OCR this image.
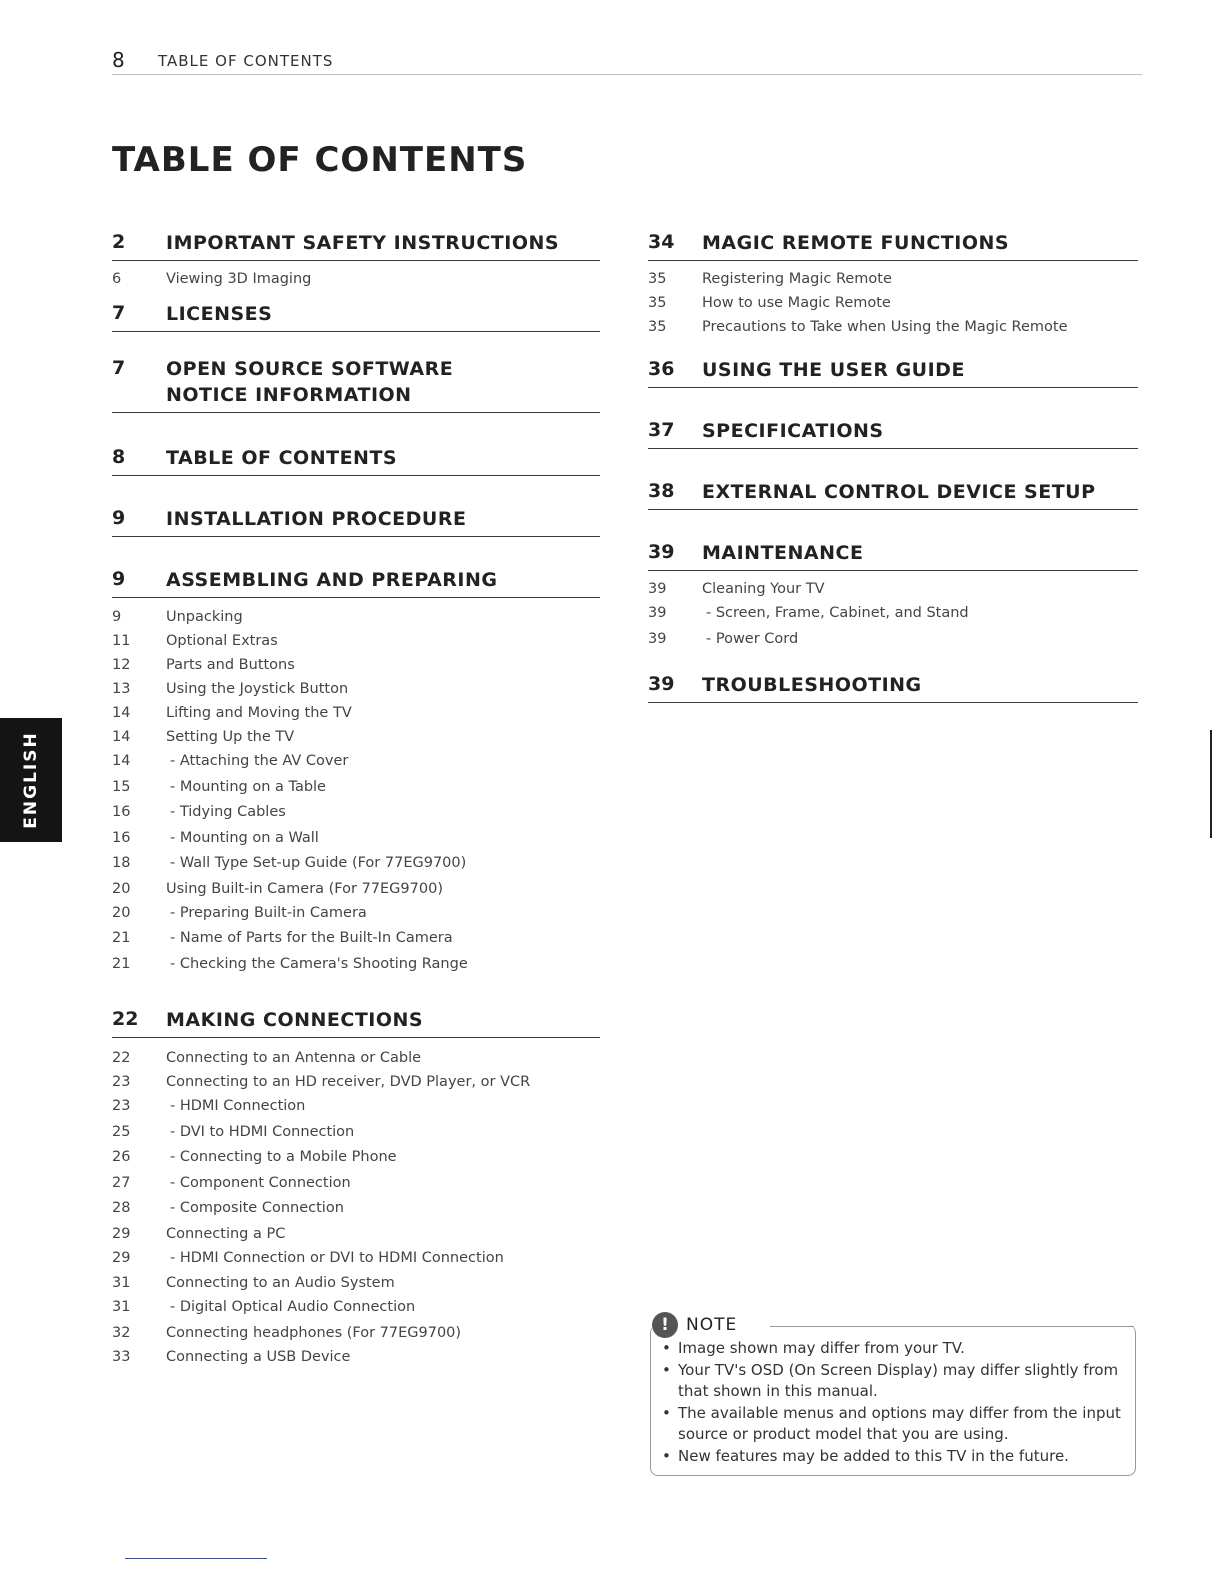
8 TABLE OF CONTENTS
TABLE OF CONTENTS
2	IMPORTANT SAFETY INSTRUCTIONS
6	Viewing 3D Imaging
7	LICENSES
7	OPEN SOURCE SOFTWARE NOTICE INFORMATION
8	TABLE OF CONTENTS
9	INSTALLATION PROCEDURE
9	ASSEMBLING AND PREPARING
9	Unpacking
11	Optional Extras
12	Parts and Buttons
13	Using the Joystick Button
14	Lifting and Moving the TV
14	Setting Up the TV
14	- Attaching the AV Cover
15	- Mounting on a Table
16	- Tidying Cables
16	- Mounting on a Wall
18	- Wall Type Set-up Guide (For 77EG9700)
20	Using Built-in Camera (For 77EG9700)
20	- Preparing Built-in Camera
21	- Name of Parts for the Built-In Camera
21	- Checking the Camera's Shooting Range
22	MAKING CONNECTIONS
22	Connecting to an Antenna or Cable
23	Connecting to an HD receiver, DVD Player, or VCR
23	- HDMI Connection
25	- DVI to HDMI Connection
26	- Connecting to a Mobile Phone
27	- Component Connection
28	- Composite Connection
29	Connecting a PC
29	- HDMI Connection or DVI to HDMI Connection
31	Connecting to an Audio System
31	- Digital Optical Audio Connection
32	Connecting headphones (For 77EG9700)
33	Connecting a USB Device
34	MAGIC REMOTE FUNCTIONS
35	Registering Magic Remote
35	How to use Magic Remote
35	Precautions to Take when Using the Magic Remote
36	USING THE USER GUIDE
37	SPECIFICATIONS
38	EXTERNAL CONTROL DEVICE SETUP
39	MAINTENANCE
39	Cleaning Your TV
39	- Screen, Frame, Cabinet, and Stand
39	- Power Cord
39	TROUBLESHOOTING
ENGLISH
!	NOTE
• Image shown may differ from your TV.
• Your TV's OSD (On Screen Display) may differ slightly from that shown in this manual.
• The available menus and options may differ from the input source or product model that you are using.
• New features may be added to this TV in the future.
